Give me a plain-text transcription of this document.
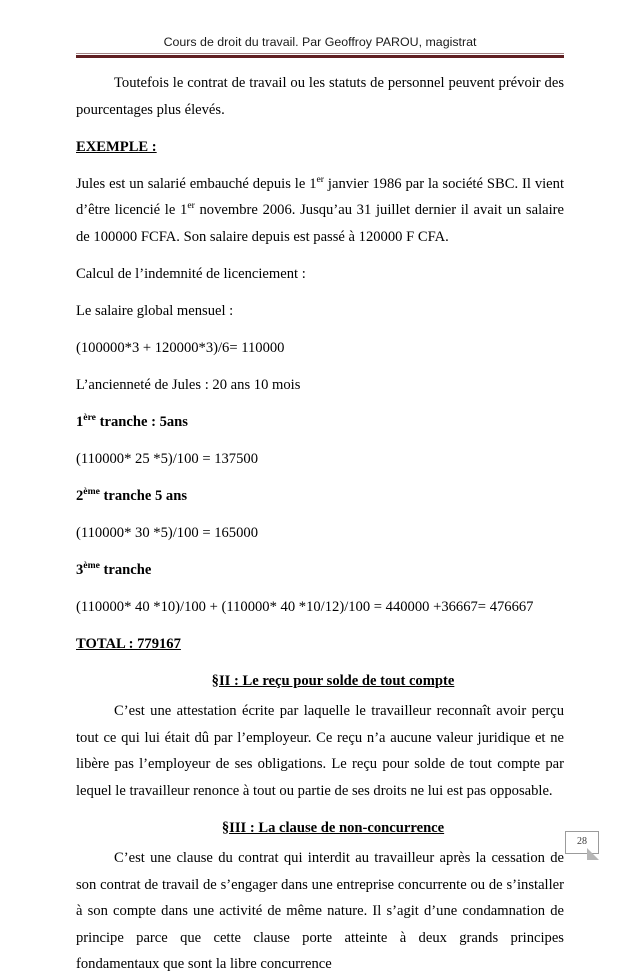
Cours de droit du travail. Par Geoffroy PAROU, magistrat

Toutefois le contrat de travail ou les statuts de personnel peuvent prévoir des pourcentages plus élevés.

EXEMPLE :

Jules est un salarié embauché depuis le 1er janvier 1986 par la société SBC. Il vient d’être licencié le 1er novembre 2006. Jusqu’au 31 juillet dernier il avait un salaire de 100000 FCFA. Son salaire depuis est passé à 120000 F CFA.

Calcul de l’indemnité de licenciement :

Le salaire global mensuel :

(100000*3 + 120000*3)/6= 110000

L’ancienneté de Jules : 20 ans 10 mois

1ère tranche : 5ans

(110000* 25 *5)/100 = 137500

2ème tranche 5 ans

(110000* 30 *5)/100 = 165000

3ème tranche

(110000* 40 *10)/100 + (110000* 40 *10/12)/100 = 440000 +36667= 476667

TOTAL : 779167

§II : Le reçu pour solde de tout compte

C’est une attestation écrite par laquelle le travailleur reconnaît avoir perçu tout ce qui lui était dû par l’employeur. Ce reçu n’a aucune valeur juridique et ne libère pas l’employeur de ses obligations. Le reçu pour solde de tout compte par lequel le travailleur renonce à tout ou partie de ses droits ne lui est pas opposable.

§III : La clause de non-concurrence

C’est une clause du contrat qui interdit au travailleur après la cessation de son contrat de travail de s’engager dans une entreprise concurrente ou de s’installer à son compte dans une activité de même nature. Il s’agit d’une condamnation de principe parce que cette clause porte atteinte à deux grands principes fondamentaux que sont la libre concurrence

28
